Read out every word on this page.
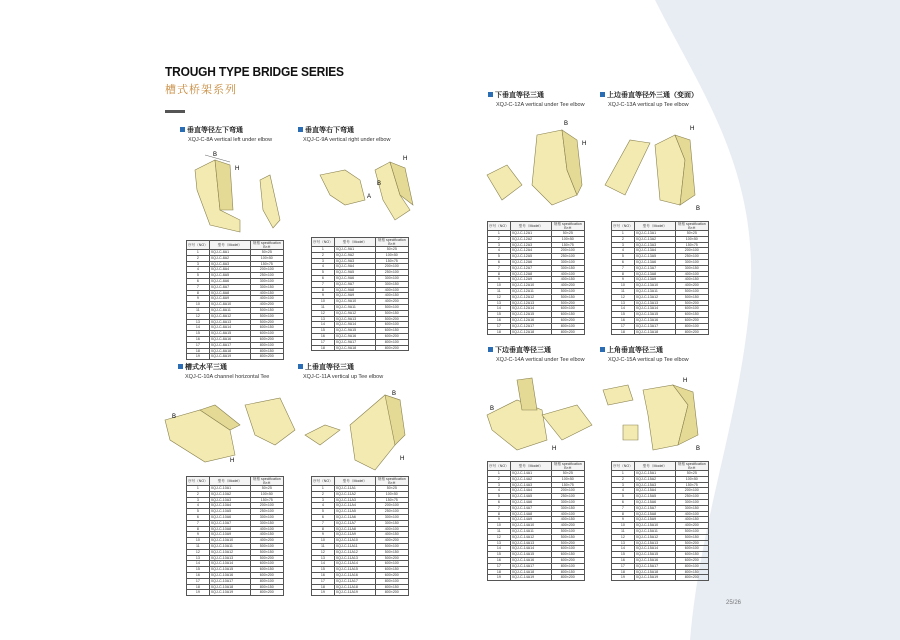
TROUGH TYPE BRIDGE SERIES
槽式桥架系列
垂直等径左下弯通
XQJ-C-8A vertical left under elbow
B
H
序号（NO）	型号（Model）	规格 specification
B×H
1	XQJ-C-8A1	50×25
2	XQJ-C-8A2	100×50
3	XQJ-C-8A3	150×75
4	XQJ-C-8A4	200×100
5	XQJ-C-8A5	250×100
6	XQJ-C-8A6	300×100
7	XQJ-C-8A7	300×150
8	XQJ-C-8A8	400×150
9	XQJ-C-8A9	400×100
10	XQJ-C-8A10	400×200
11	XQJ-C-8A11	500×150
12	XQJ-C-8A12	500×100
13	XQJ-C-8A13	500×200
14	XQJ-C-8A14	600×150
15	XQJ-C-8A15	600×100
16	XQJ-C-8A16	600×200
17	XQJ-C-8A17	800×100
18	XQJ-C-8A18	800×150
19	XQJ-C-8A19	800×200
垂直等右下弯通
XQJ-C-9A vertical right under elbow
H
B
A
序号（NO）	型号（Model）	规格 specification
B×H
1	XQJ-C-9A1	50×25
2	XQJ-C-9A2	100×50
3	XQJ-C-9A3	150×75
4	XQJ-C-9A4	200×100
5	XQJ-C-9A5	250×100
6	XQJ-C-9A6	300×100
7	XQJ-C-9A7	300×150
8	XQJ-C-9A8	400×100
9	XQJ-C-9A9	400×150
10	XQJ-C-9A10	400×200
11	XQJ-C-9A11	500×100
12	XQJ-C-9A12	500×150
13	XQJ-C-9A13	500×200
14	XQJ-C-9A14	600×100
15	XQJ-C-9A15	600×150
16	XQJ-C-9A16	600×200
17	XQJ-C-9A17	800×100
18	XQJ-C-9A18	800×200
槽式水平三通
XQJ-C-10A channel horizontal Tee
B
H
序号（NO）	型号（Model）	规格 specification
B×H
1	XQJ-C-10A1	50×25
2	XQJ-C-10A2	100×50
3	XQJ-C-10A3	150×75
4	XQJ-C-10A4	200×100
5	XQJ-C-10A5	250×100
6	XQJ-C-10A6	300×100
7	XQJ-C-10A7	300×150
8	XQJ-C-10A8	400×100
9	XQJ-C-10A9	400×150
10	XQJ-C-10A10	400×200
11	XQJ-C-10A11	500×100
12	XQJ-C-10A12	500×150
13	XQJ-C-10A13	500×200
14	XQJ-C-10A14	600×100
15	XQJ-C-10A15	600×150
16	XQJ-C-10A16	600×200
17	XQJ-C-10A17	800×100
18	XQJ-C-10A18	800×150
19	XQJ-C-10A19	800×200
上垂直等径三通
XQJ-C-11A vertical up Tee elbow
B
H
序号（NO）	型号（Model）	规格 specification
B×H
1	XQJ-C-11A1	50×25
2	XQJ-C-11A2	100×50
3	XQJ-C-11A3	150×75
4	XQJ-C-11A4	200×100
5	XQJ-C-11A5	250×100
6	XQJ-C-11A6	300×100
7	XQJ-C-11A7	300×150
8	XQJ-C-11A8	400×100
9	XQJ-C-11A9	400×150
10	XQJ-C-11A10	400×200
11	XQJ-C-11A11	500×100
12	XQJ-C-11A12	500×150
13	XQJ-C-11A13	500×200
14	XQJ-C-11A14	600×100
15	XQJ-C-11A15	600×150
16	XQJ-C-11A16	600×200
17	XQJ-C-11A17	800×100
18	XQJ-C-11A18	800×150
19	XQJ-C-11A19	800×200
下垂直等径三通
XQJ-C-12A vertical under Tee elbow
B
H
序号（NO）	型号（Model）	规格 specification
B×H
1	XQJ-C-12A1	50×25
2	XQJ-C-12A2	100×50
3	XQJ-C-12A3	150×75
4	XQJ-C-12A4	200×100
5	XQJ-C-12A5	250×100
6	XQJ-C-12A6	300×100
7	XQJ-C-12A7	300×150
8	XQJ-C-12A8	400×100
9	XQJ-C-12A9	400×150
10	XQJ-C-12A10	400×200
11	XQJ-C-12A11	500×100
12	XQJ-C-12A12	500×150
13	XQJ-C-12A13	500×200
14	XQJ-C-12A14	600×100
15	XQJ-C-12A15	600×150
16	XQJ-C-12A16	600×200
17	XQJ-C-12A17	800×100
18	XQJ-C-12A18	800×200
上边垂直等径外三通（变面）
XQJ-C-13A vertical up Tee elbow
H
B
序号（NO）	型号（Model）	规格 specification
B×H
1	XQJ-C-13A1	50×25
2	XQJ-C-13A2	100×50
3	XQJ-C-13A3	150×75
4	XQJ-C-13A4	200×100
5	XQJ-C-13A5	250×100
6	XQJ-C-13A6	300×100
7	XQJ-C-13A7	300×150
8	XQJ-C-13A8	400×100
9	XQJ-C-13A9	400×150
10	XQJ-C-13A10	400×200
11	XQJ-C-13A11	500×100
12	XQJ-C-13A12	500×150
13	XQJ-C-13A13	500×200
14	XQJ-C-13A14	600×100
15	XQJ-C-13A15	600×150
16	XQJ-C-13A16	600×200
17	XQJ-C-13A17	800×100
18	XQJ-C-13A18	800×200
下边垂直等径三通
XQJ-C-14A vertical under Tee elbow
B
H
序号（NO）	型号（Model）	规格 specification
B×H
1	XQJ-C-14A1	50×25
2	XQJ-C-14A2	100×50
3	XQJ-C-14A3	150×75
4	XQJ-C-14A4	200×100
5	XQJ-C-14A5	250×100
6	XQJ-C-14A6	300×100
7	XQJ-C-14A7	300×150
8	XQJ-C-14A8	400×100
9	XQJ-C-14A9	400×150
10	XQJ-C-14A10	400×200
11	XQJ-C-14A11	500×100
12	XQJ-C-14A12	500×150
13	XQJ-C-14A13	500×200
14	XQJ-C-14A14	600×100
15	XQJ-C-14A15	600×150
16	XQJ-C-14A16	600×200
17	XQJ-C-14A17	800×100
18	XQJ-C-14A18	800×150
19	XQJ-C-14A19	800×200
上角垂直等径三通
XQJ-C-15A vertical up Tee elbow
H
B
序号（NO）	型号（Model）	规格 specification
B×H
1	XQJ-C-15A1	50×25
2	XQJ-C-15A2	100×50
3	XQJ-C-15A3	150×75
4	XQJ-C-15A4	200×100
5	XQJ-C-15A5	250×100
6	XQJ-C-15A6	300×100
7	XQJ-C-15A7	300×150
8	XQJ-C-15A8	400×100
9	XQJ-C-15A9	400×150
10	XQJ-C-15A10	400×200
11	XQJ-C-15A11	500×100
12	XQJ-C-15A12	500×150
13	XQJ-C-15A13	500×200
14	XQJ-C-15A14	600×100
15	XQJ-C-15A15	600×150
16	XQJ-C-15A16	600×200
17	XQJ-C-15A17	800×100
18	XQJ-C-15A18	800×150
19	XQJ-C-15A19	800×200
25/26
